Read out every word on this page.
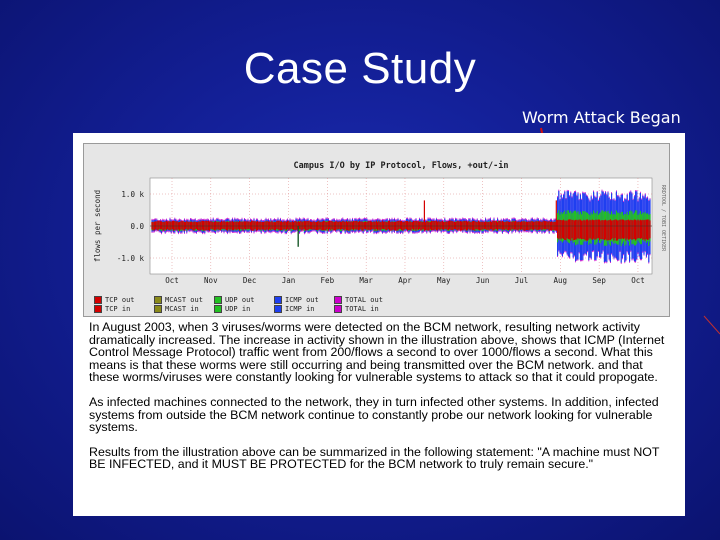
Case Study
Worm Attack Began
Campus I/O by IP Protocol, Flows, +out/-in
flows per second	RRDTOOL / TOBI OETIKER
1.0 k
0.0
-1.0 k
Oct	Nov	Dec	Jan	Feb	Mar	Apr	May	Jun	Jul	Aug	Sep	Oct
TCP out
TCP in
MCAST out
MCAST in
UDP out
UDP in
ICMP out
ICMP in
TOTAL out
TOTAL in

In August 2003, when 3 viruses/worms were detected on the BCM network, resulting network activity dramatically increased. The increase in activity shown in the illustration above, shows that ICMP (Internet Control Message Protocol) traffic went from 200/flows a second to over 1000/flows a second. What this means is that these worms were still occurring and being transmitted over the BCM network. and that these worms/viruses were constantly looking for vulnerable systems to attack so that it could propogate.

As infected machines connected to the network, they in turn infected other systems. In addition, infected systems from outside the BCM network continue to constantly probe our network looking for vulnerable systems.

Results from the illustration above can be summarized in the following statement: "A machine must NOT BE INFECTED, and it MUST BE PROTECTED for the BCM network to truly remain secure."
